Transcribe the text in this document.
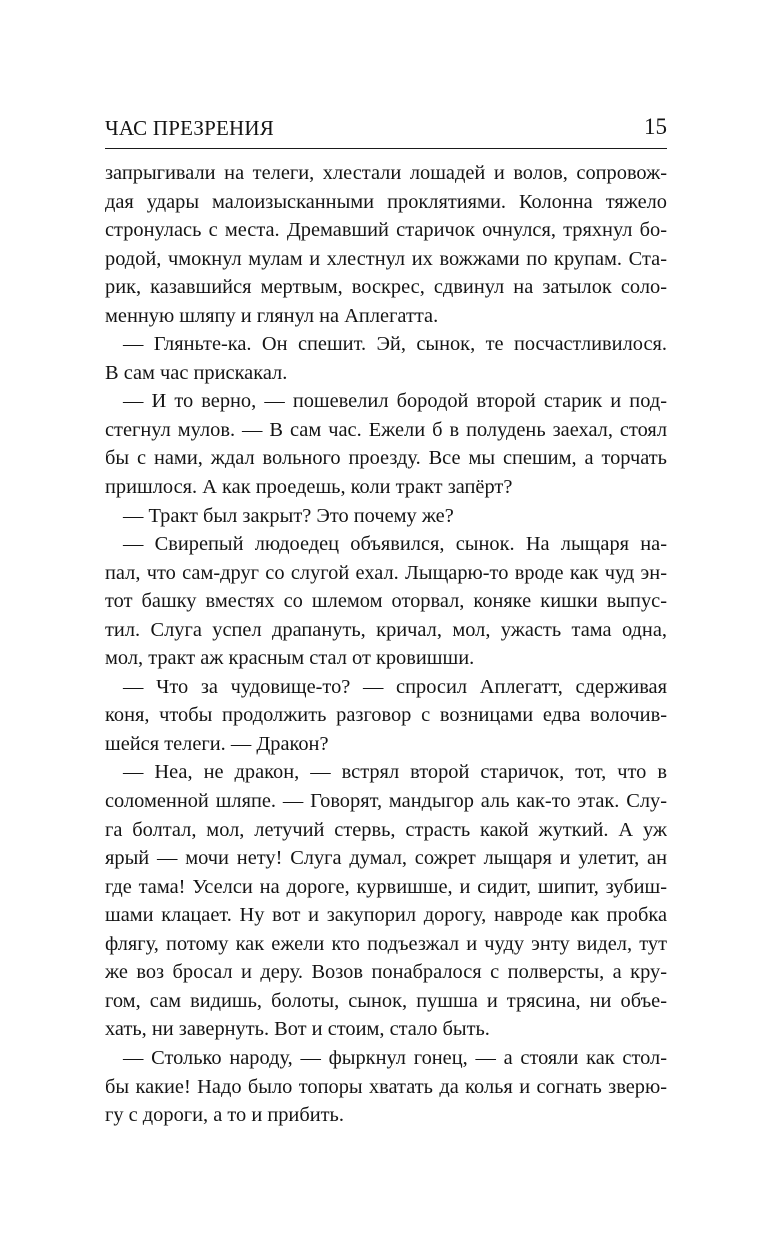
ЧАС ПРЕЗРЕНИЯ	15
запрыгивали на телеги, хлестали лошадей и волов, сопровож-
дая удары малоизысканными проклятиями. Колонна тяжело
стронулась с места. Дремавший старичок очнулся, тряхнул бо-
родой, чмокнул мулам и хлестнул их вожжами по крупам. Ста-
рик, казавшийся мертвым, воскрес, сдвинул на затылок соло-
менную шляпу и глянул на Аплегатта.
— Гляньте-ка. Он спешит. Эй, сынок, те посчастливилося.
В сам час прискакал.
— И то верно, — пошевелил бородой второй старик и под-
стегнул мулов. — В сам час. Ежели б в полудень заехал, стоял
бы с нами, ждал вольного проезду. Все мы спешим, а торчать
пришлося. А как проедешь, коли тракт запёрт?
— Тракт был закрыт? Это почему же?
— Свирепый людоедец объявился, сынок. На лыщаря на-
пал, что сам-друг со слугой ехал. Лыщарю-то вроде как чуд эн-
тот башку вместях со шлемом оторвал, коняке кишки выпус-
тил. Слуга успел драпануть, кричал, мол, ужасть тама одна,
мол, тракт аж красным стал от кровишши.
— Что за чудовище-то? — спросил Аплегатт, сдерживая
коня, чтобы продолжить разговор с возницами едва волочив-
шейся телеги. — Дракон?
— Неа, не дракон, — встрял второй старичок, тот, что в
соломенной шляпе. — Говорят, мандыгор аль как-то этак. Слу-
га болтал, мол, летучий стервь, страсть какой жуткий. А уж
ярый — мочи нету! Слуга думал, сожрет лыщаря и улетит, ан
где тама! Уселси на дороге, курвишше, и сидит, шипит, зубиш-
шами клацает. Ну вот и закупорил дорогу, навроде как пробка
флягу, потому как ежели кто подъезжал и чуду энту видел, тут
же воз бросал и деру. Возов понабралося с полверсты, а кру-
гом, сам видишь, болоты, сынок, пушша и трясина, ни объе-
хать, ни завернуть. Вот и стоим, стало быть.
— Столько народу, — фыркнул гонец, — а стояли как стол-
бы какие! Надо было топоры хватать да колья и согнать зверю-
гу с дороги, а то и прибить.
